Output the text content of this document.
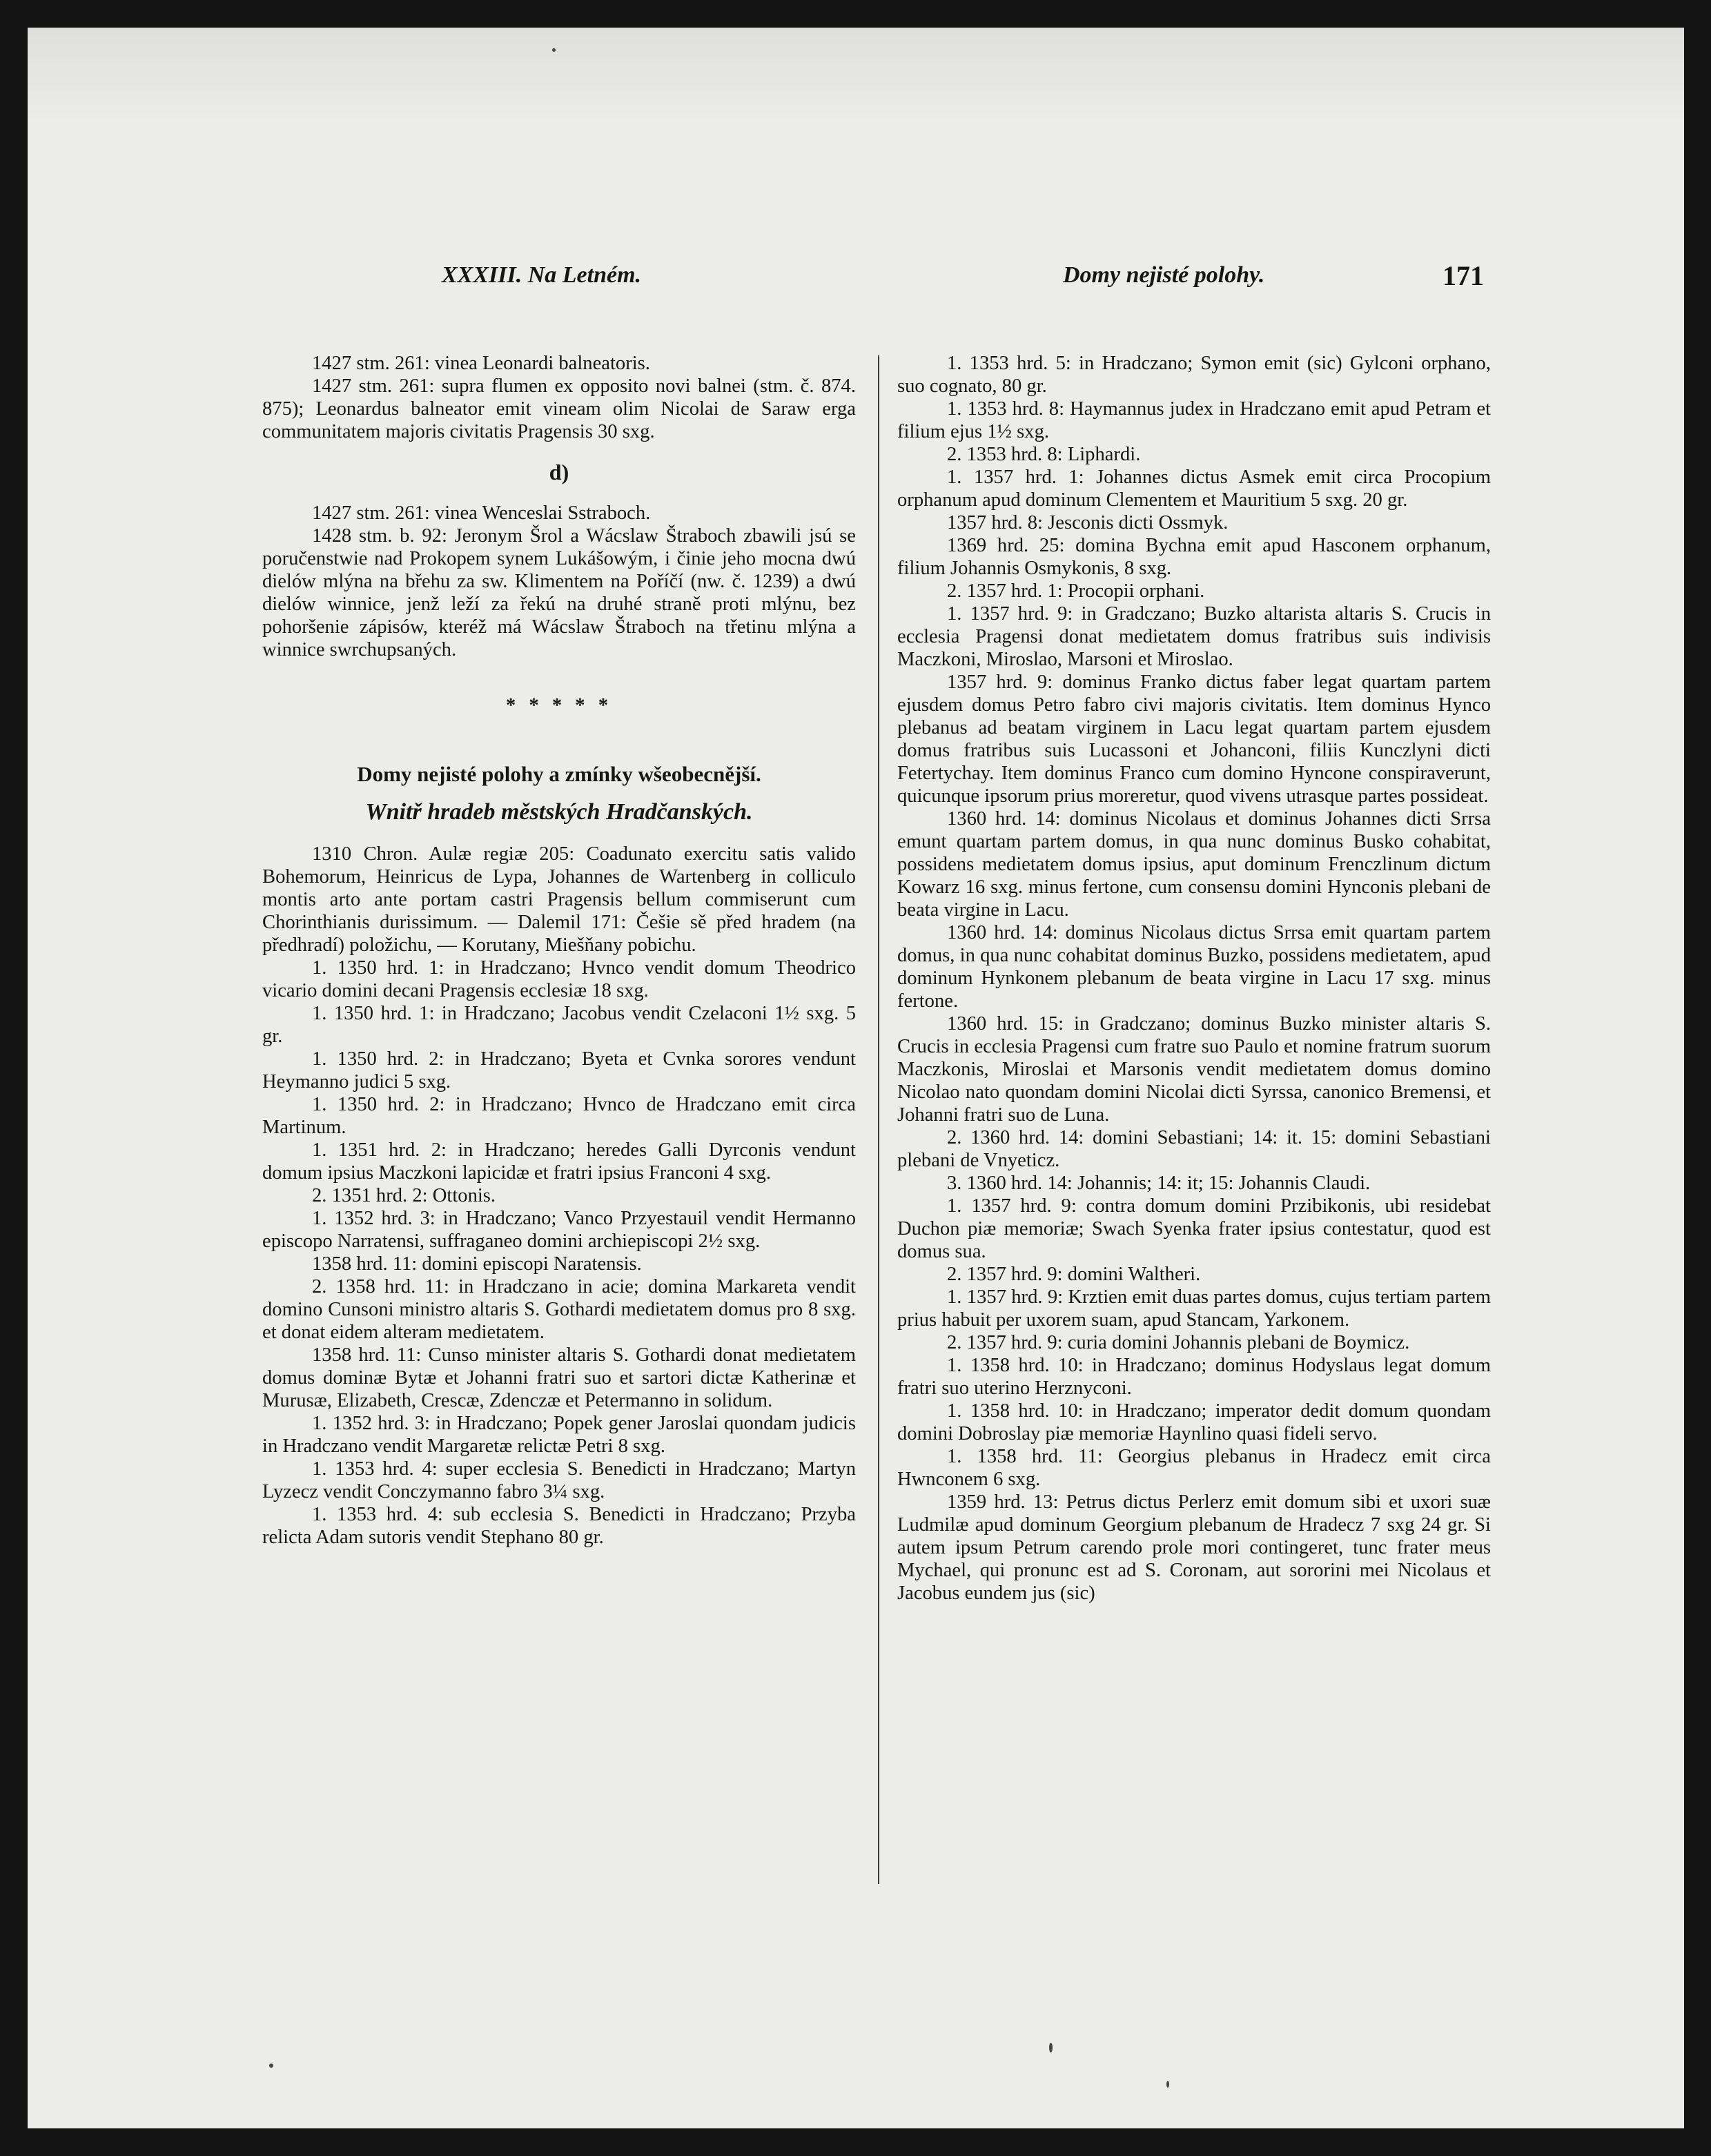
XXXIII. Na Letném.	Domy nejisté polohy.	171

1427 stm. 261: vinea Leonardi balneatoris.

1427 stm. 261: supra flumen ex opposito novi balnei (stm. č. 874. 875); Leonardus balneator emit vineam olim Nicolai de Saraw erga communitatem majoris civitatis Pragensis 30 sxg.

d)

1427 stm. 261: vinea Wenceslai Sstraboch.

1428 stm. b. 92: Jeronym Šrol a Wácslaw Štraboch zbawili jsú se poručenstwie nad Prokopem synem Lukášowým, i činie jeho mocna dwú dielów mlýna na břehu za sw. Klimentem na Poříčí (nw. č. 1239) a dwú dielów winnice, jenž leží za řekú na druhé straně proti mlýnu, bez pohoršenie zápisów, kteréž má Wácslaw Štraboch na třetinu mlýna a winnice swrchupsaných.

* * * * *

Domy nejisté polohy a zmínky wšeobecnější.

Wnitř hradeb městských Hradčanských.

1310 Chron. Aulæ regiæ 205: Coadunato exercitu satis valido Bohemorum, Heinricus de Lypa, Johannes de Wartenberg in colliculo montis arto ante portam castri Pragensis bellum commiserunt cum Chorinthianis durissimum. — Dalemil 171: Češie sě před hradem (na předhradí) položichu, — Korutany, Miešňany pobichu.

1. 1350 hrd. 1: in Hradczano; Hvnco vendit domum Theodrico vicario domini decani Pragensis ecclesiæ 18 sxg.

1. 1350 hrd. 1: in Hradczano; Jacobus vendit Czelaconi 1½ sxg. 5 gr.

1. 1350 hrd. 2: in Hradczano; Byeta et Cvnka sorores vendunt Heymanno judici 5 sxg.

1. 1350 hrd. 2: in Hradczano; Hvnco de Hradczano emit circa Martinum.

1. 1351 hrd. 2: in Hradczano; heredes Galli Dyrconis vendunt domum ipsius Maczkoni lapicidæ et fratri ipsius Franconi 4 sxg.

2. 1351 hrd. 2: Ottonis.

1. 1352 hrd. 3: in Hradczano; Vanco Przyestauil vendit Hermanno episcopo Narratensi, suffraganeo domini archiepiscopi 2½ sxg.

1358 hrd. 11: domini episcopi Naratensis.

2. 1358 hrd. 11: in Hradczano in acie; domina Markareta vendit domino Cunsoni ministro altaris S. Gothardi medietatem domus pro 8 sxg. et donat eidem alteram medietatem.

1358 hrd. 11: Cunso minister altaris S. Gothardi donat medietatem domus dominæ Bytæ et Johanni fratri suo et sartori dictæ Katherinæ et Murusæ, Elizabeth, Crescæ, Zdenczæ et Petermanno in solidum.

1. 1352 hrd. 3: in Hradczano; Popek gener Jaroslai quondam judicis in Hradczano vendit Margaretæ relictæ Petri 8 sxg.

1. 1353 hrd. 4: super ecclesia S. Benedicti in Hradczano; Martyn Lyzecz vendit Conczymanno fabro 3¼ sxg.

1. 1353 hrd. 4: sub ecclesia S. Benedicti in Hradczano; Przyba relicta Adam sutoris vendit Stephano 80 gr.

1. 1353 hrd. 5: in Hradczano; Symon emit (sic) Gylconi orphano, suo cognato, 80 gr.

1. 1353 hrd. 8: Haymannus judex in Hradczano emit apud Petram et filium ejus 1½ sxg.

2. 1353 hrd. 8: Liphardi.

1. 1357 hrd. 1: Johannes dictus Asmek emit circa Procopium orphanum apud dominum Clementem et Mauritium 5 sxg. 20 gr.

1357 hrd. 8: Jesconis dicti Ossmyk.

1369 hrd. 25: domina Bychna emit apud Hasconem orphanum, filium Johannis Osmykonis, 8 sxg.

2. 1357 hrd. 1: Procopii orphani.

1. 1357 hrd. 9: in Gradczano; Buzko altarista altaris S. Crucis in ecclesia Pragensi donat medietatem domus fratribus suis indivisis Maczkoni, Miroslao, Marsoni et Miroslao.

1357 hrd. 9: dominus Franko dictus faber legat quartam partem ejusdem domus Petro fabro civi majoris civitatis. Item dominus Hynco plebanus ad beatam virginem in Lacu legat quartam partem ejusdem domus fratribus suis Lucassoni et Johanconi, filiis Kunczlyni dicti Fetertychay. Item dominus Franco cum domino Hyncone conspiraverunt, quicunque ipsorum prius moreretur, quod vivens utrasque partes possideat.

1360 hrd. 14: dominus Nicolaus et dominus Johannes dicti Srrsa emunt quartam partem domus, in qua nunc dominus Busko cohabitat, possidens medietatem domus ipsius, aput dominum Frenczlinum dictum Kowarz 16 sxg. minus fertone, cum consensu domini Hynconis plebani de beata virgine in Lacu.

1360 hrd. 14: dominus Nicolaus dictus Srrsa emit quartam partem domus, in qua nunc cohabitat dominus Buzko, possidens medietatem, apud dominum Hynkonem plebanum de beata virgine in Lacu 17 sxg. minus fertone.

1360 hrd. 15: in Gradczano; dominus Buzko minister altaris S. Crucis in ecclesia Pragensi cum fratre suo Paulo et nomine fratrum suorum Maczkonis, Miroslai et Marsonis vendit medietatem domus domino Nicolao nato quondam domini Nicolai dicti Syrssa, canonico Bremensi, et Johanni fratri suo de Luna.

2. 1360 hrd. 14: domini Sebastiani; 14: it. 15: domini Sebastiani plebani de Vnyeticz.

3. 1360 hrd. 14: Johannis; 14: it; 15: Johannis Claudi.

1. 1357 hrd. 9: contra domum domini Przibikonis, ubi residebat Duchon piæ memoriæ; Swach Syenka frater ipsius contestatur, quod est domus sua.

2. 1357 hrd. 9: domini Waltheri.

1. 1357 hrd. 9: Krztien emit duas partes domus, cujus tertiam partem prius habuit per uxorem suam, apud Stancam, Yarkonem.

2. 1357 hrd. 9: curia domini Johannis plebani de Boymicz.

1. 1358 hrd. 10: in Hradczano; dominus Hodyslaus legat domum fratri suo uterino Herznyconi.

1. 1358 hrd. 10: in Hradczano; imperator dedit domum quondam domini Dobroslay piæ memoriæ Haynlino quasi fideli servo.

1. 1358 hrd. 11: Georgius plebanus in Hradecz emit circa Hwnconem 6 sxg.

1359 hrd. 13: Petrus dictus Perlerz emit domum sibi et uxori suæ Ludmilæ apud dominum Georgium plebanum de Hradecz 7 sxg 24 gr. Si autem ipsum Petrum carendo prole mori contingeret, tunc frater meus Mychael, qui pronunc est ad S. Coronam, aut sororini mei Nicolaus et Jacobus eundem jus (sic)
